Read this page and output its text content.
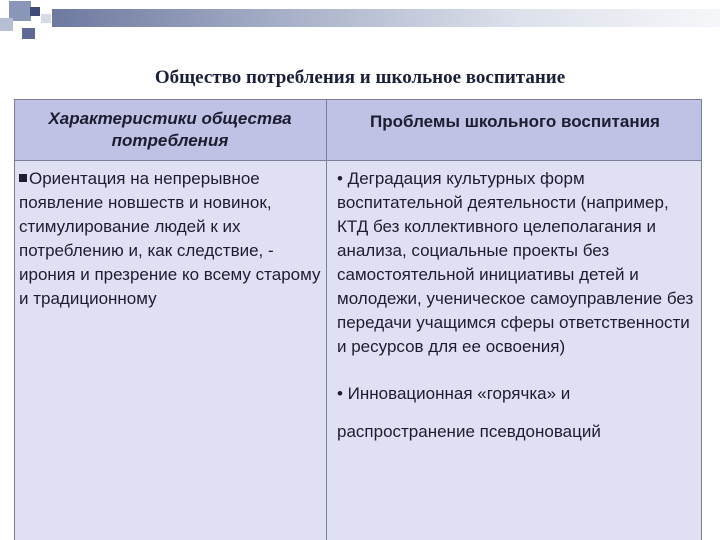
Общество потребления и школьное воспитание
Характеристики общества потребления
Проблемы школьного воспитания
Ориентация на непрерывное появление новшеств и новинок, стимулирование людей к их потреблению и, как следствие, - ирония и презрение ко всему старому и традиционному

• Деградация культурных форм воспитательной деятельности (например, КТД без коллективного целеполагания и анализа, социальные проекты без самостоятельной инициативы детей и молодежи, ученическое самоуправление без передачи учащимся сферы ответственности и ресурсов для ее освоения)

• Инновационная «горячка» и распространение псевдоноваций
